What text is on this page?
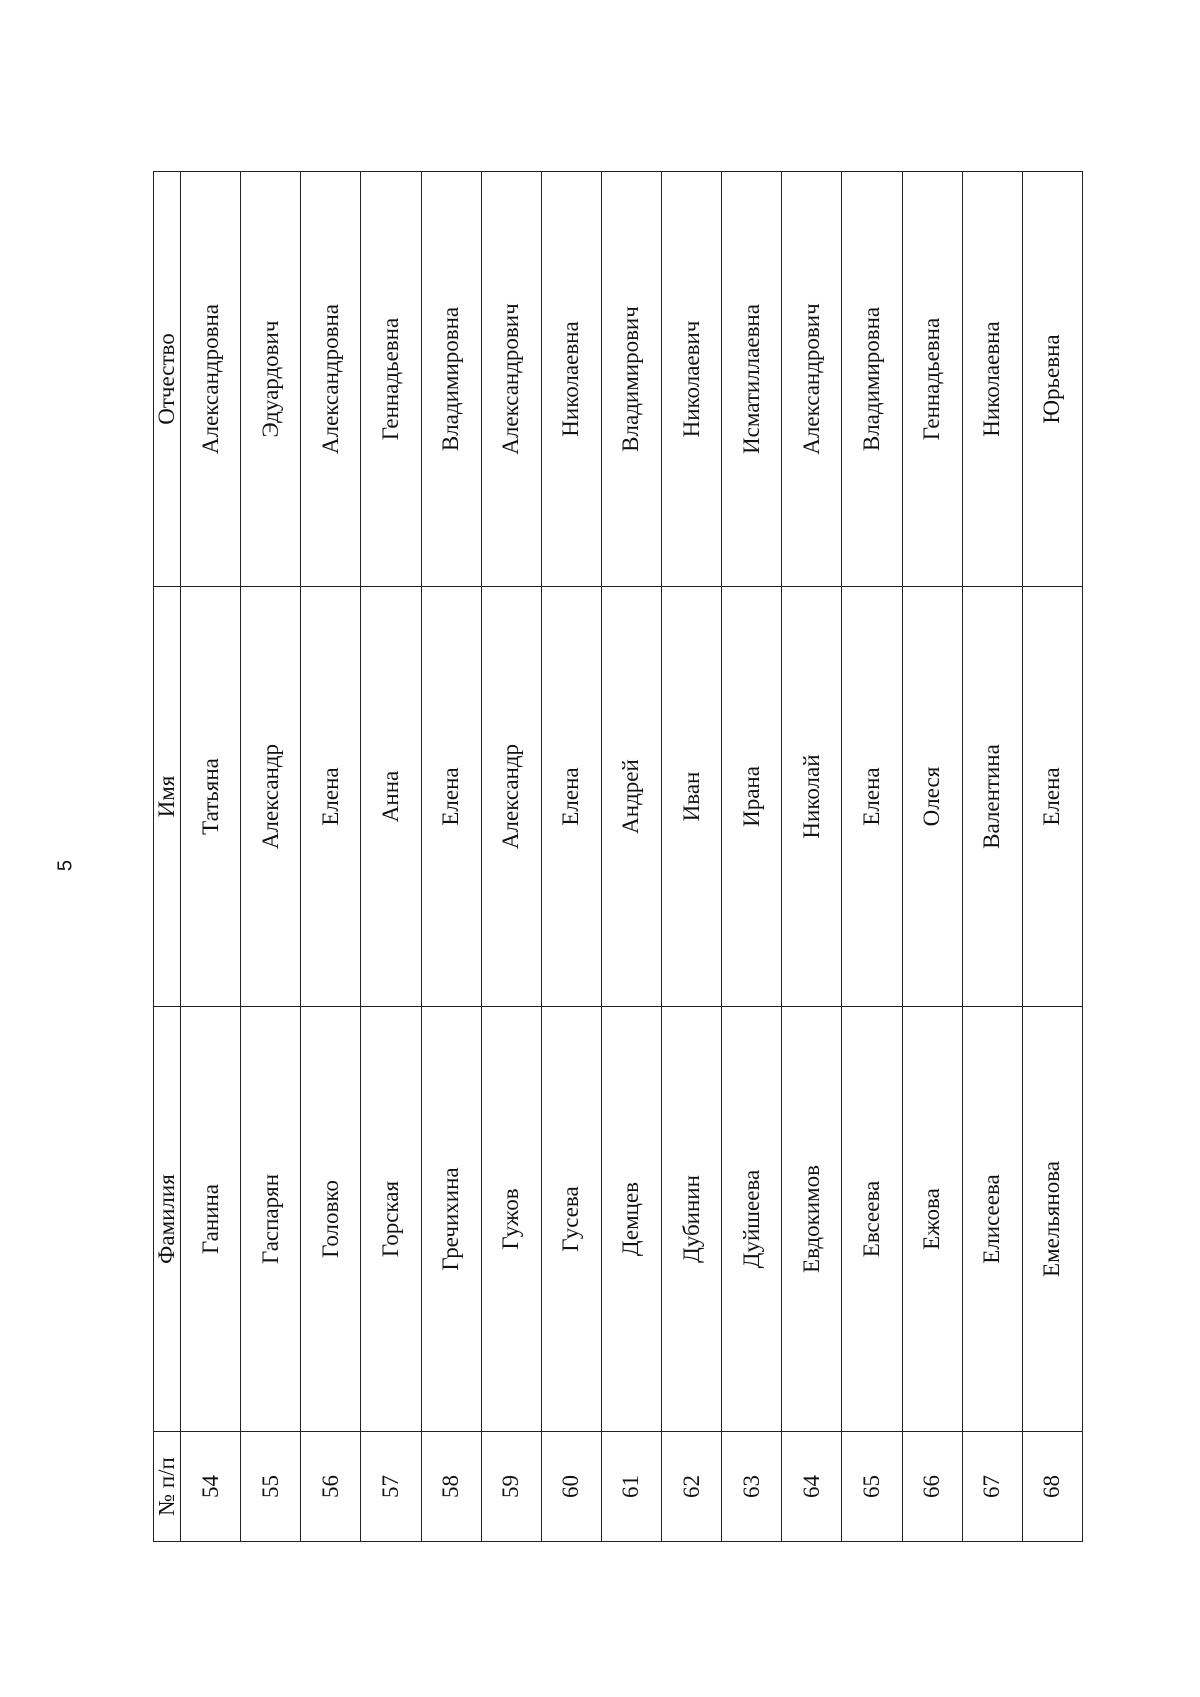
5
№ п/п	Фамилия	Имя	Отчество
54	Ганина	Татьяна	Александровна
55	Гаспарян	Александр	Эдуардович
56	Головко	Елена	Александровна
57	Горская	Анна	Геннадьевна
58	Гречихина	Елена	Владимировна
59	Гужов	Александр	Александрович
60	Гусева	Елена	Николаевна
61	Демцев	Андрей	Владимирович
62	Дубинин	Иван	Николаевич
63	Дуйшеева	Ирана	Исматиллаевна
64	Евдокимов	Николай	Александрович
65	Евсеева	Елена	Владимировна
66	Ежова	Олеся	Геннадьевна
67	Елисеева	Валентина	Николаевна
68	Емельянова	Елена	Юрьевна
